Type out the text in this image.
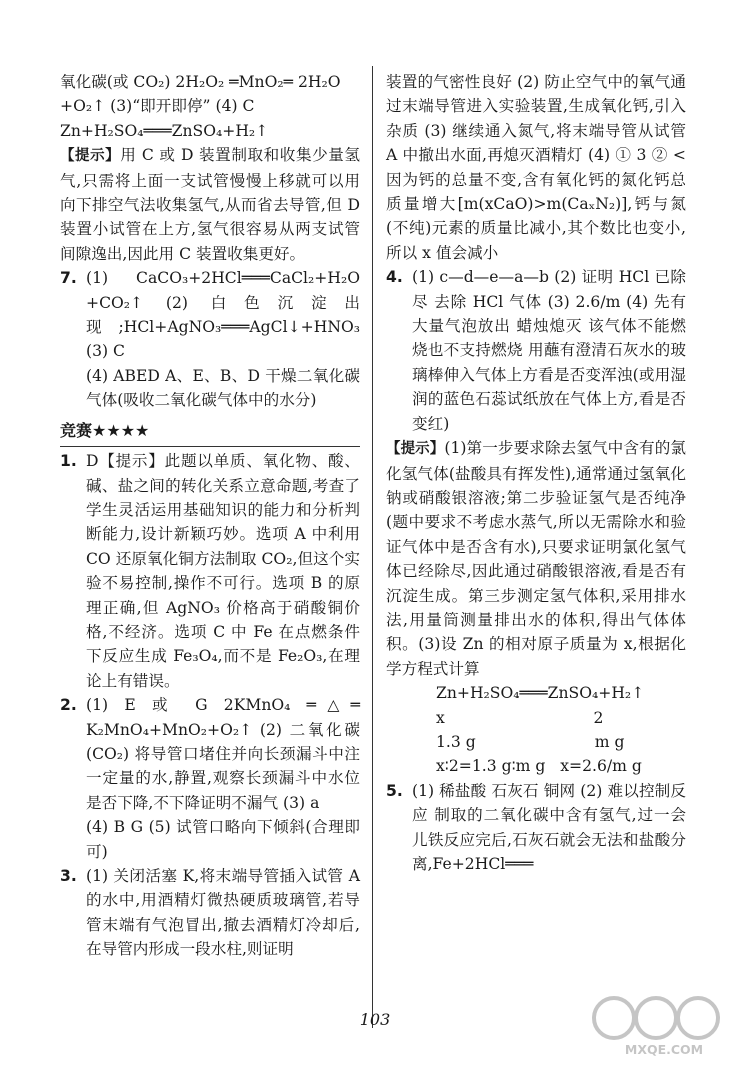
氧化碳(或 CO₂) 2H₂O₂ ═MnO₂═ 2H₂O
+O₂↑ (3)“即开即停” (4) C
Zn+H₂SO₄═══ZnSO₄+H₂↑
【提示】用 C 或 D 装置制取和收集少量氢气,只需将上面一支试管慢慢上移就可以用向下排空气法收集氢气,从而省去导管,但 D 装置小试管在上方,氢气很容易从两支试管间隙逸出,因此用 C 装置收集更好。
7. (1) CaCO₃+2HCl═══CaCl₂+H₂O +CO₂↑ (2) 白色沉淀出现;HCl+AgNO₃═══AgCl↓+HNO₃ (3) C
(4) ABED A、E、B、D 干燥二氧化碳气体(吸收二氧化碳气体中的水分)
竞赛★★★★
1. D【提示】此题以单质、氧化物、酸、碱、盐之间的转化关系立意命题,考查了学生灵活运用基础知识的能力和分析判断能力,设计新颖巧妙。选项 A 中利用 CO 还原氧化铜方法制取 CO₂,但这个实验不易控制,操作不可行。选项 B 的原理正确,但 AgNO₃ 价格高于硝酸铜价格,不经济。选项 C 中 Fe 在点燃条件下反应生成 Fe₃O₄,而不是 Fe₂O₃,在理论上有错误。
2. (1) E 或 G 2KMnO₄ ═△═ K₂MnO₄+MnO₂+O₂↑ (2) 二氧化碳(CO₂) 将导管口堵住并向长颈漏斗中注一定量的水,静置,观察长颈漏斗中水位是否下降,不下降证明不漏气 (3) a
(4) B G (5) 试管口略向下倾斜(合理即可)
3. (1) 关闭活塞 K,将末端导管插入试管 A 的水中,用酒精灯微热硬质玻璃管,若导管末端有气泡冒出,撤去酒精灯冷却后,在导管内形成一段水柱,则证明
装置的气密性良好 (2) 防止空气中的氧气通过末端导管进入实验装置,生成氧化钙,引入杂质 (3) 继续通入氮气,将末端导管从试管 A 中撤出水面,再熄灭酒精灯 (4) ① 3 ② < 因为钙的总量不变,含有氧化钙的氮化钙总质量增大[m(xCaO)>m(CaₓN₂)],钙与氮(不纯)元素的质量比减小,其个数比也变小,所以 x 值会减小
4. (1) c—d—e—a—b (2) 证明 HCl 已除尽 去除 HCl 气体 (3) 2.6/m (4) 先有大量气泡放出 蜡烛熄灭 该气体不能燃烧也不支持燃烧 用蘸有澄清石灰水的玻璃棒伸入气体上方看是否变浑浊(或用湿润的蓝色石蕊试纸放在气体上方,看是否变红)
【提示】(1)第一步要求除去氢气中含有的氯化氢气体(盐酸具有挥发性),通常通过氢氧化钠或硝酸银溶液;第二步验证氢气是否纯净(题中要求不考虑水蒸气,所以无需除水和验证气体中是否含有水),只要求证明氯化氢气体已经除尽,因此通过硝酸银溶液,看是否有沉淀生成。第三步测定氢气体积,采用排水法,用量筒测量排出水的体积,得出气体体积。(3)设 Zn 的相对原子质量为 x,根据化学方程式计算
Zn+H₂SO₄═══ZnSO₄+H₂↑
x                              2
1.3 g                        m g
x∶2=1.3 g∶m g   x=2.6/m g
5. (1) 稀盐酸 石灰石 铜网 (2) 难以控制反应 制取的二氧化碳中含有氢气,过一会儿铁反应完后,石灰石就会无法和盐酸分离,Fe+2HCl═══
103
MXQE.COM
